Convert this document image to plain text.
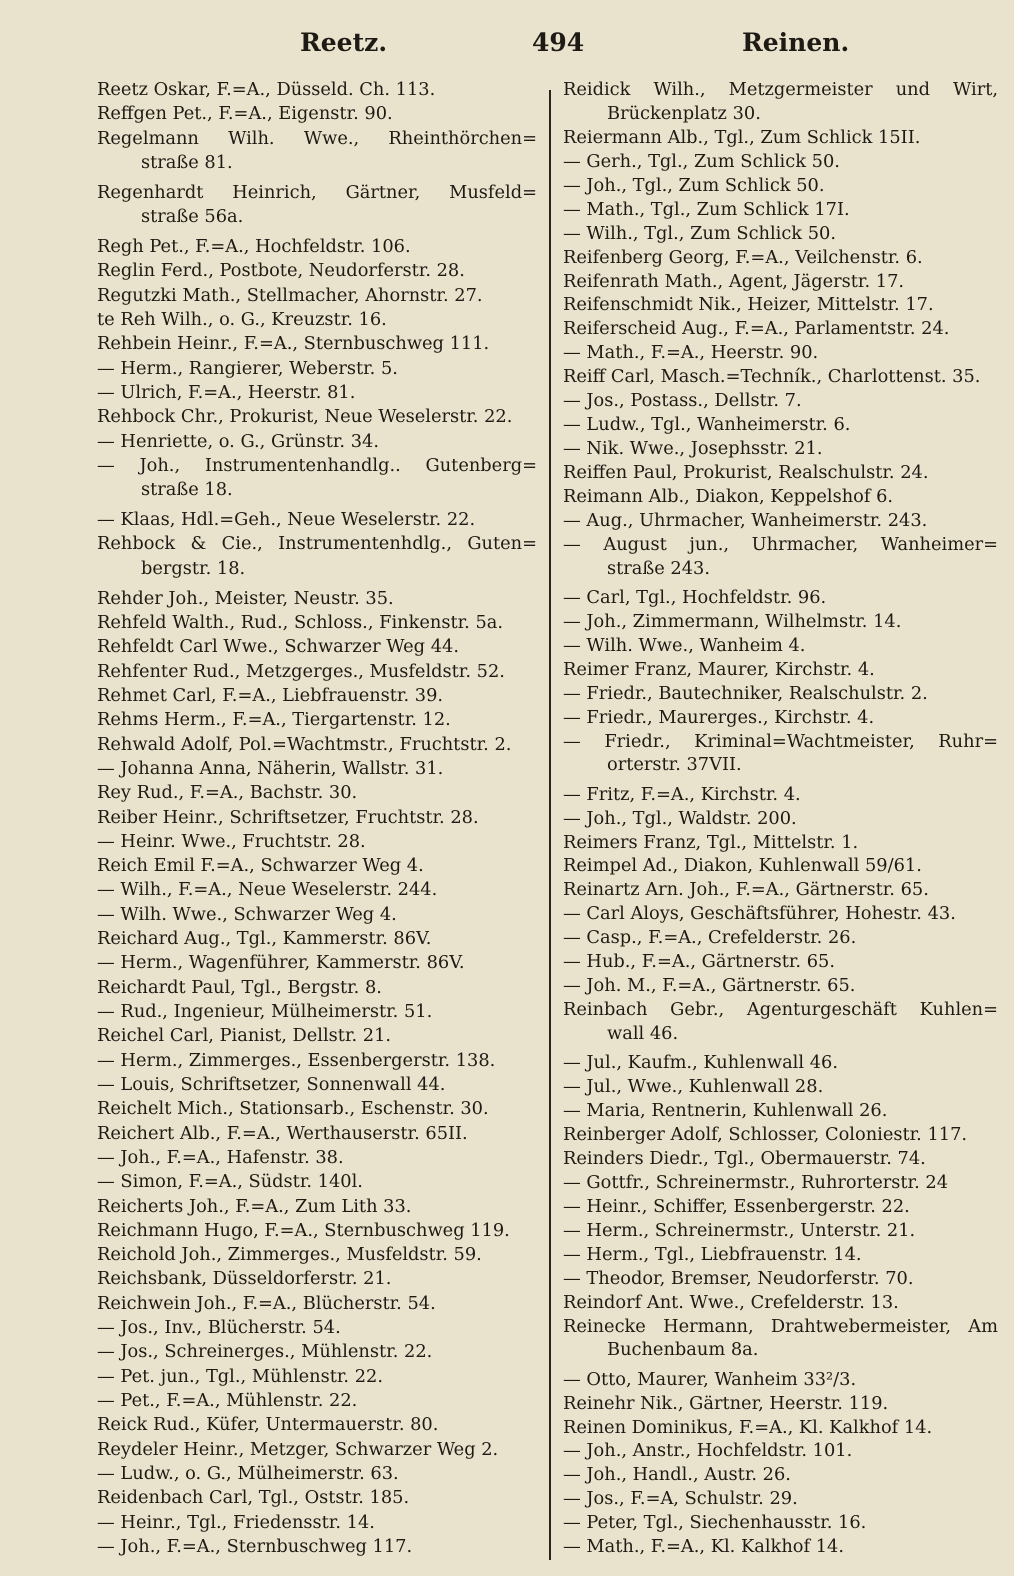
Reetz.	494	Reinen.
Reetz Oskar, F.=A., Düsseld. Ch. 113.
Reffgen Pet., F.=A., Eigenstr. 90.
Regelmann Wilh. Wwe., Rheinthörchen=
straße 81.
Regenhardt Heinrich, Gärtner, Musfeld=
straße 56a.
Regh Pet., F.=A., Hochfeldstr. 106.
Reglin Ferd., Postbote, Neudorferstr. 28.
Regutzki Math., Stellmacher, Ahornstr. 27.
te Reh Wilh., o. G., Kreuzstr. 16.
Rehbein Heinr., F.=A., Sternbuschweg 111.
— Herm., Rangierer, Weberstr. 5.
— Ulrich, F.=A., Heerstr. 81.
Rehbock Chr., Prokurist, Neue Weselerstr. 22.
— Henriette, o. G., Grünstr. 34.
— Joh., Instrumentenhandlg.. Gutenberg=
straße 18.
— Klaas, Hdl.=Geh., Neue Weselerstr. 22.
Rehbock & Cie., Instrumentenhdlg., Guten=
bergstr. 18.
Rehder Joh., Meister, Neustr. 35.
Rehfeld Walth., Rud., Schloss., Finkenstr. 5a.
Rehfeldt Carl Wwe., Schwarzer Weg 44.
Rehfenter Rud., Metzgerges., Musfeldstr. 52.
Rehmet Carl, F.=A., Liebfrauenstr. 39.
Rehms Herm., F.=A., Tiergartenstr. 12.
Rehwald Adolf, Pol.=Wachtmstr., Fruchtstr. 2.
— Johanna Anna, Näherin, Wallstr. 31.
Rey Rud., F.=A., Bachstr. 30.
Reiber Heinr., Schriftsetzer, Fruchtstr. 28.
— Heinr. Wwe., Fruchtstr. 28.
Reich Emil F.=A., Schwarzer Weg 4.
— Wilh., F.=A., Neue Weselerstr. 244.
— Wilh. Wwe., Schwarzer Weg 4.
Reichard Aug., Tgl., Kammerstr. 86V.
— Herm., Wagenführer, Kammerstr. 86V.
Reichardt Paul, Tgl., Bergstr. 8.
— Rud., Ingenieur, Mülheimerstr. 51.
Reichel Carl, Pianist, Dellstr. 21.
— Herm., Zimmerges., Essenbergerstr. 138.
— Louis, Schriftsetzer, Sonnenwall 44.
Reichelt Mich., Stationsarb., Eschenstr. 30.
Reichert Alb., F.=A., Werthauserstr. 65II.
— Joh., F.=A., Hafenstr. 38.
— Simon, F.=A., Südstr. 140l.
Reicherts Joh., F.=A., Zum Lith 33.
Reichmann Hugo, F.=A., Sternbuschweg 119.
Reichold Joh., Zimmerges., Musfeldstr. 59.
Reichsbank, Düsseldorferstr. 21.
Reichwein Joh., F.=A., Blücherstr. 54.
— Jos., Inv., Blücherstr. 54.
— Jos., Schreinerges., Mühlenstr. 22.
— Pet. jun., Tgl., Mühlenstr. 22.
— Pet., F.=A., Mühlenstr. 22.
Reick Rud., Küfer, Untermauerstr. 80.
Reydeler Heinr., Metzger, Schwarzer Weg 2.
— Ludw., o. G., Mülheimerstr. 63.
Reidenbach Carl, Tgl., Oststr. 185.
— Heinr., Tgl., Friedensstr. 14.
— Joh., F.=A., Sternbuschweg 117.
Reidick Wilh., Metzgermeister und Wirt,
Brückenplatz 30.
Reiermann Alb., Tgl., Zum Schlick 15II.
— Gerh., Tgl., Zum Schlick 50.
— Joh., Tgl., Zum Schlick 50.
— Math., Tgl., Zum Schlick 17I.
— Wilh., Tgl., Zum Schlick 50.
Reifenberg Georg, F.=A., Veilchenstr. 6.
Reifenrath Math., Agent, Jägerstr. 17.
Reifenschmidt Nik., Heizer, Mittelstr. 17.
Reiferscheid Aug., F.=A., Parlamentstr. 24.
— Math., F.=A., Heerstr. 90.
Reiff Carl, Masch.=Techník., Charlottenst. 35.
— Jos., Postass., Dellstr. 7.
— Ludw., Tgl., Wanheimerstr. 6.
— Nik. Wwe., Josephsstr. 21.
Reiffen Paul, Prokurist, Realschulstr. 24.
Reimann Alb., Diakon, Keppelshof 6.
— Aug., Uhrmacher, Wanheimerstr. 243.
— August jun., Uhrmacher, Wanheimer=
straße 243.
— Carl, Tgl., Hochfeldstr. 96.
— Joh., Zimmermann, Wilhelmstr. 14.
— Wilh. Wwe., Wanheim 4.
Reimer Franz, Maurer, Kirchstr. 4.
— Friedr., Bautechniker, Realschulstr. 2.
— Friedr., Maurerges., Kirchstr. 4.
— Friedr., Kriminal=Wachtmeister, Ruhr=
orterstr. 37VII.
— Fritz, F.=A., Kirchstr. 4.
— Joh., Tgl., Waldstr. 200.
Reimers Franz, Tgl., Mittelstr. 1.
Reimpel Ad., Diakon, Kuhlenwall 59/61.
Reinartz Arn. Joh., F.=A., Gärtnerstr. 65.
— Carl Aloys, Geschäftsführer, Hohestr. 43.
— Casp., F.=A., Crefelderstr. 26.
— Hub., F.=A., Gärtnerstr. 65.
— Joh. M., F.=A., Gärtnerstr. 65.
Reinbach Gebr., Agenturgeschäft Kuhlen=
wall 46.
— Jul., Kaufm., Kuhlenwall 46.
— Jul., Wwe., Kuhlenwall 28.
— Maria, Rentnerin, Kuhlenwall 26.
Reinberger Adolf, Schlosser, Coloniestr. 117.
Reinders Diedr., Tgl., Obermauerstr. 74.
— Gottfr., Schreinermstr., Ruhrorterstr. 24
— Heinr., Schiffer, Essenbergerstr. 22.
— Herm., Schreinermstr., Unterstr. 21.
— Herm., Tgl., Liebfrauenstr. 14.
— Theodor, Bremser, Neudorferstr. 70.
Reindorf Ant. Wwe., Crefelderstr. 13.
Reinecke Hermann, Drahtwebermeister, Am
Buchenbaum 8a.
— Otto, Maurer, Wanheim 33²/3.
Reinehr Nik., Gärtner, Heerstr. 119.
Reinen Dominikus, F.=A., Kl. Kalkhof 14.
— Joh., Anstr., Hochfeldstr. 101.
— Joh., Handl., Austr. 26.
— Jos., F.=A, Schulstr. 29.
— Peter, Tgl., Siechenhausstr. 16.
— Math., F.=A., Kl. Kalkhof 14.
